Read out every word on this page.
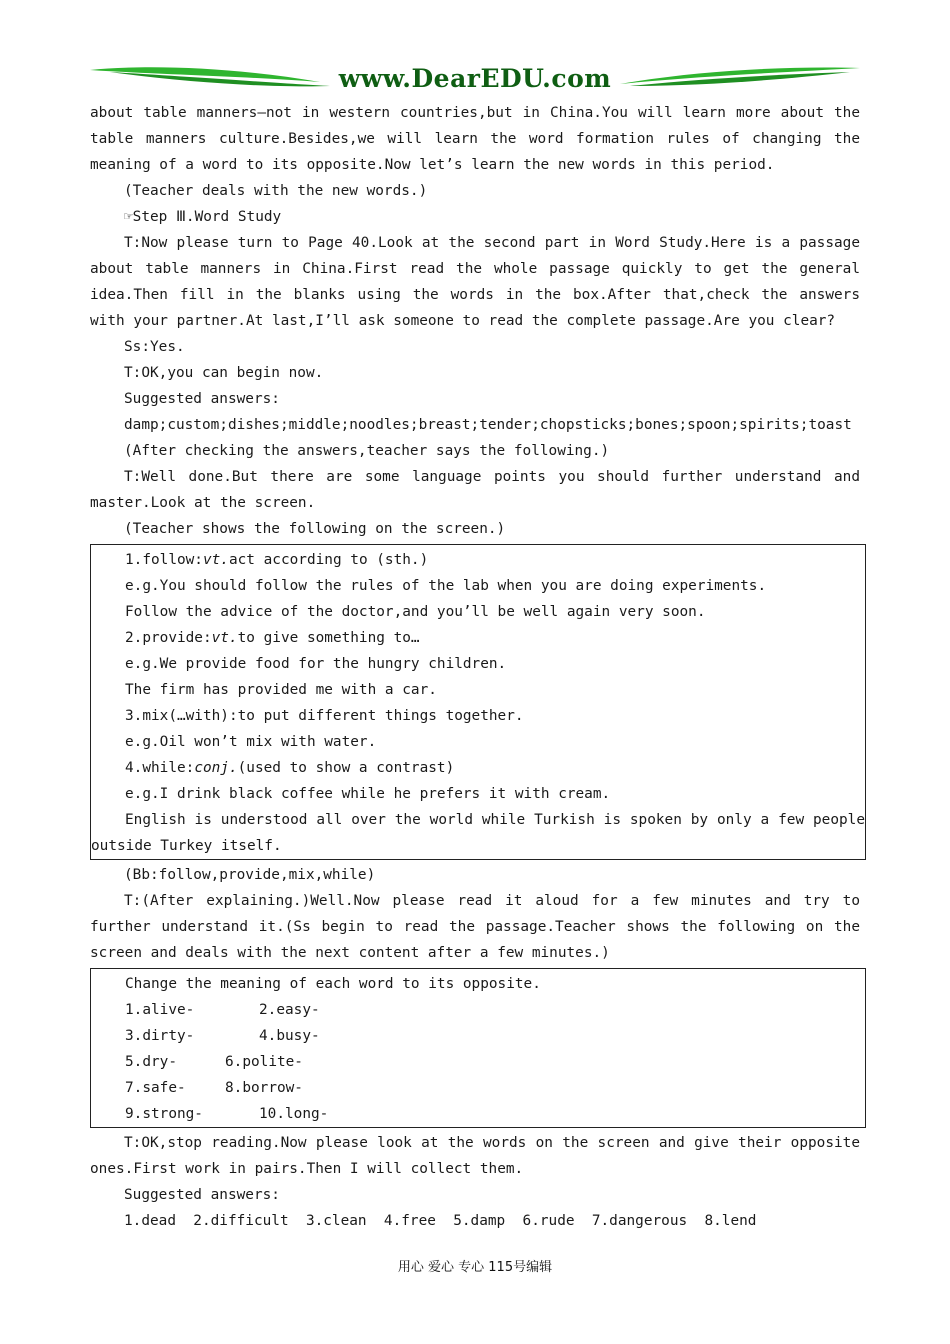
www.DearEDU.com

about table manners—not in western countries,but in China.You will learn more about the table manners culture.Besides,we will learn the word formation rules of changing the meaning of a word to its opposite.Now let’s learn the new words in this period.

(Teacher deals with the new words.)

☞Step Ⅲ.Word Study

T:Now please turn to Page 40.Look at the second part in Word Study.Here is a passage about table manners in China.First read the whole passage quickly to get the general idea.Then fill in the blanks using the words in the box.After that,check the answers with your partner.At last,I’ll ask someone to read the complete passage.Are you clear?

Ss:Yes.

T:OK,you can begin now.

Suggested answers:

damp;custom;dishes;middle;noodles;breast;tender;chopsticks;bones;spoon;spirits;toast

(After checking the answers,teacher says the following.)

T:Well done.But there are some language points you should further understand and master.Look at the screen.

(Teacher shows the following on the screen.)

1.follow:vt.act according to (sth.)

e.g.You should follow the rules of the lab when you are doing experiments.

Follow the advice of the doctor,and you’ll be well again very soon.

2.provide:vt.to give something to…

e.g.We provide food for the hungry children.

The firm has provided me with a car.

3.mix(…with):to put different things together.

e.g.Oil won’t mix with water.

4.while:conj.(used to show a contrast)

e.g.I drink black coffee while he prefers it with cream.

English is understood all over the world while Turkish is spoken by only a few people outside Turkey itself.

(Bb:follow,provide,mix,while)

T:(After explaining.)Well.Now please read it aloud for a few minutes and try to further understand it.(Ss begin to read the passage.Teacher shows the following on the screen and deals with the next content after a few minutes.)

Change the meaning of each word to its opposite.

1.alive-	2.easy-
3.dirty-	4.busy-
5.dry-	6.polite-
7.safe-	8.borrow-
9.strong-	10.long-

T:OK,stop reading.Now please look at the words on the screen and give their opposite ones.First work in pairs.Then I will collect them.

Suggested answers:

1.dead  2.difficult  3.clean  4.free  5.damp  6.rude  7.dangerous  8.lend

用心 爱心 专心 115号编辑
